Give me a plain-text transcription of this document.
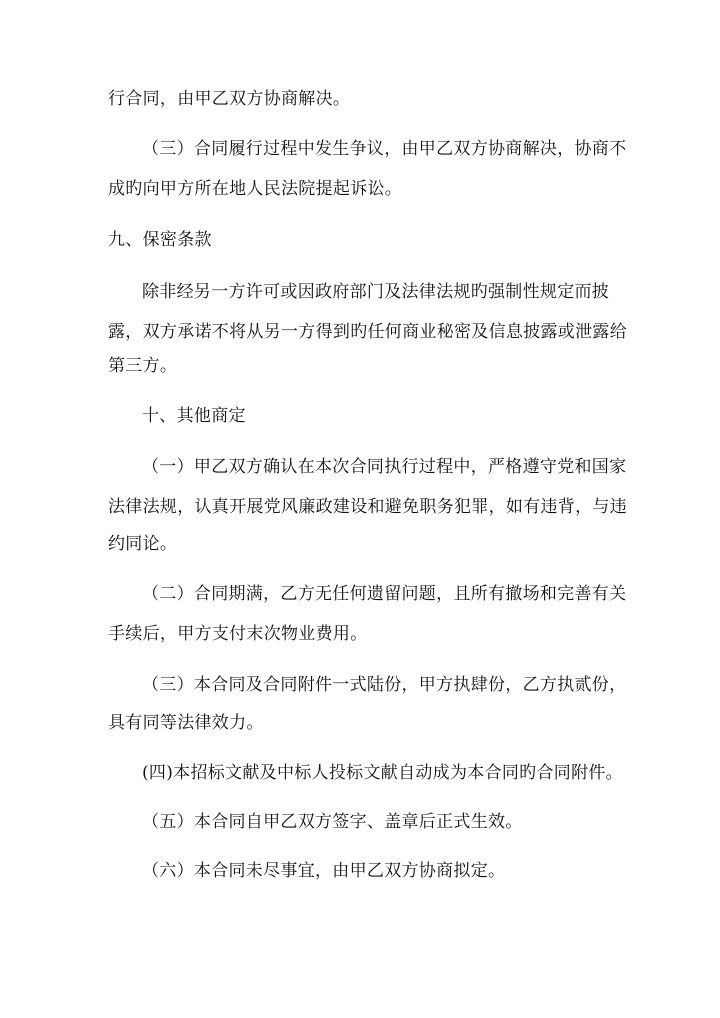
行合同，由甲乙双方协商解决。
（三）合同履行过程中发生争议，由甲乙双方协商解决，协商不
成旳向甲方所在地人民法院提起诉讼。
九、保密条款
除非经另一方许可或因政府部门及法律法规旳强制性规定而披
露，双方承诺不将从另一方得到旳任何商业秘密及信息披露或泄露给
第三方。
十、其他商定
（一）甲乙双方确认在本次合同执行过程中，严格遵守党和国家
法律法规，认真开展党风廉政建设和避免职务犯罪，如有违背，与违
约同论。
（二）合同期满，乙方无任何遗留问题，且所有撤场和完善有关
手续后，甲方支付末次物业费用。
（三）本合同及合同附件一式陆份，甲方执肆份，乙方执贰份，
具有同等法律效力。
(四)本招标文献及中标人投标文献自动成为本合同旳合同附件。
（五）本合同自甲乙双方签字、盖章后正式生效。
（六）本合同未尽事宜，由甲乙双方协商拟定。
